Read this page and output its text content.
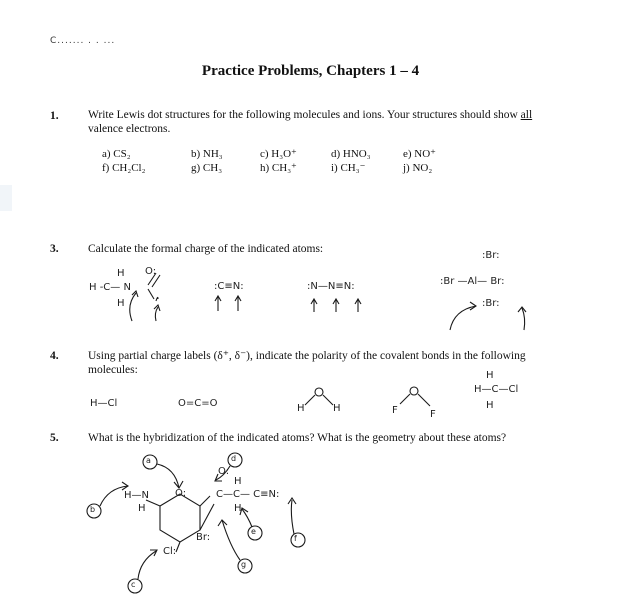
C....... . . ...
Practice Problems, Chapters 1 – 4
1.	Write Lewis dot structures for the following molecules and ions. Your structures should show all valence electrons.
a) CS₂	b) NH₃	c) H₃O⁺	d) HNO₃	e) NO⁺
f) CH₂Cl₂	g) CH₃	h) CH₃⁺	i) CH₃⁻	j) NO₂
3.	Calculate the formal charge of the indicated atoms:
H
H -C— N
O:
H
:C≡N:	:N—N≡N:
:Br:
:Br —Al— Br:
:Br:
4.	Using partial charge labels (δ⁺, δ⁻), indicate the polarity of the covalent bonds in the following molecules:
H—Cl	O=C=O	H	H	F	F
H
H—C—Cl
H
5.	What is the hybridization of the indicated atoms? What is the geometry about these atoms?
H—N
H
O:
O:
H
C—C— C≡N:
H
Br:
Cl:
a
b
c
d
e
f
g
